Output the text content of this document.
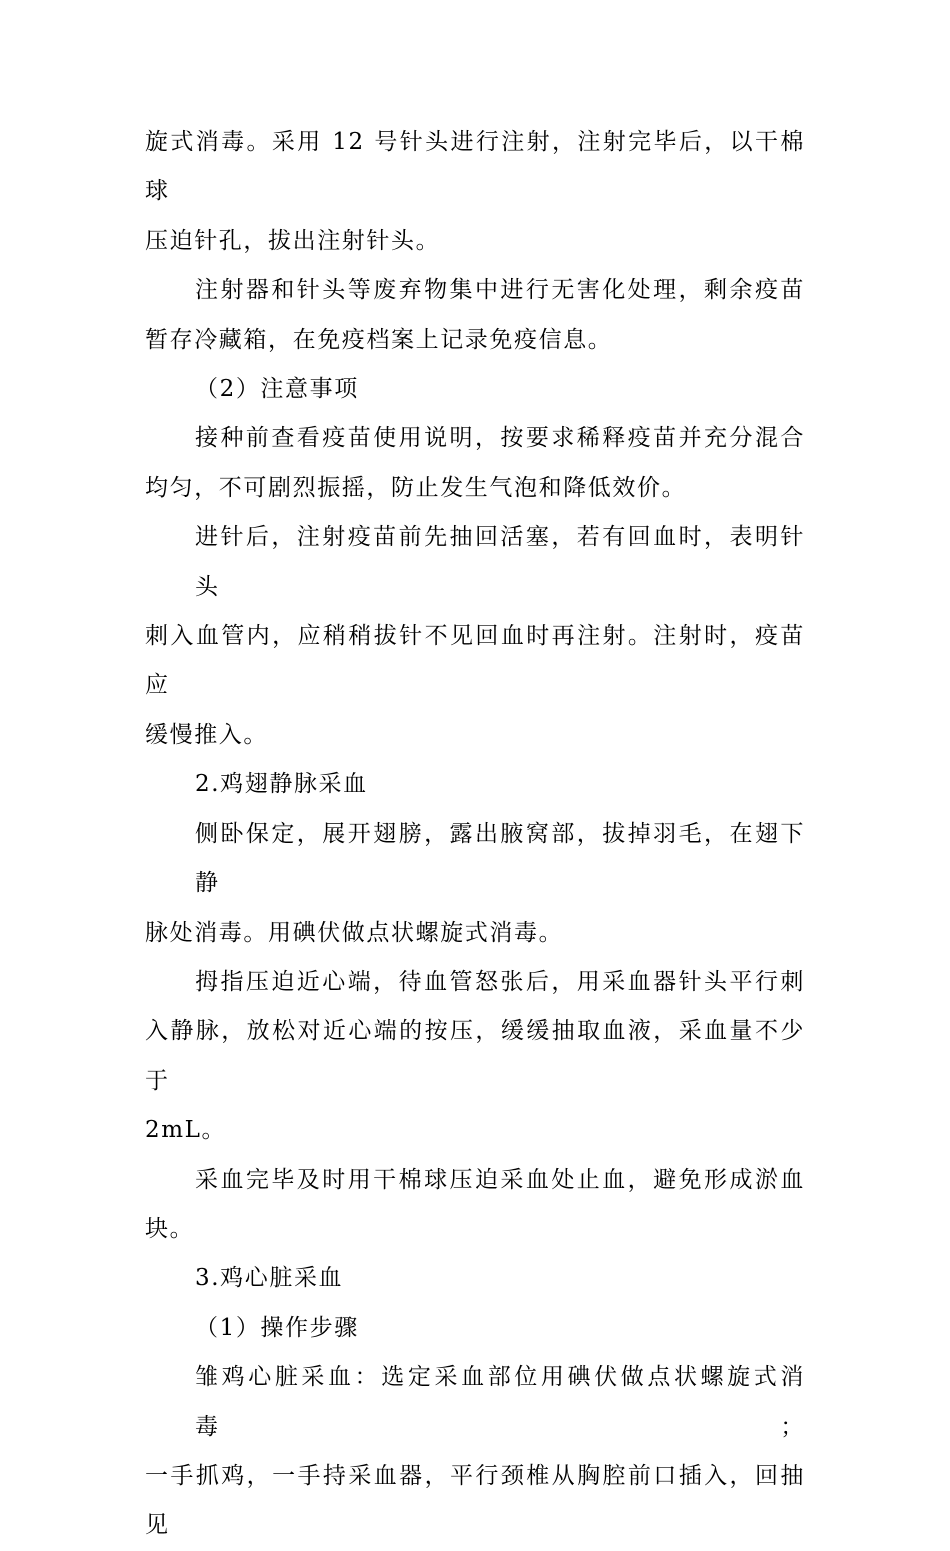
旋式消毒。采用 12 号针头进行注射，注射完毕后，以干棉球
压迫针孔，拔出注射针头。

注射器和针头等废弃物集中进行无害化处理，剩余疫苗
暂存冷藏箱，在免疫档案上记录免疫信息。

（2）注意事项

接种前查看疫苗使用说明，按要求稀释疫苗并充分混合
均匀，不可剧烈振摇，防止发生气泡和降低效价。

进针后，注射疫苗前先抽回活塞，若有回血时，表明针头
刺入血管内，应稍稍拔针不见回血时再注射。注射时，疫苗应
缓慢推入。

2.鸡翅静脉采血

侧卧保定，展开翅膀，露出腋窝部，拔掉羽毛，在翅下静
脉处消毒。用碘伏做点状螺旋式消毒。

拇指压迫近心端，待血管怒张后，用采血器针头平行刺
入静脉，放松对近心端的按压，缓缓抽取血液，采血量不少于
2mL。

采血完毕及时用干棉球压迫采血处止血，避免形成淤血
块。

3.鸡心脏采血

（1）操作步骤

雏鸡心脏采血：选定采血部位用碘伏做点状螺旋式消毒；
一手抓鸡，一手持采血器，平行颈椎从胸腔前口插入，回抽见
